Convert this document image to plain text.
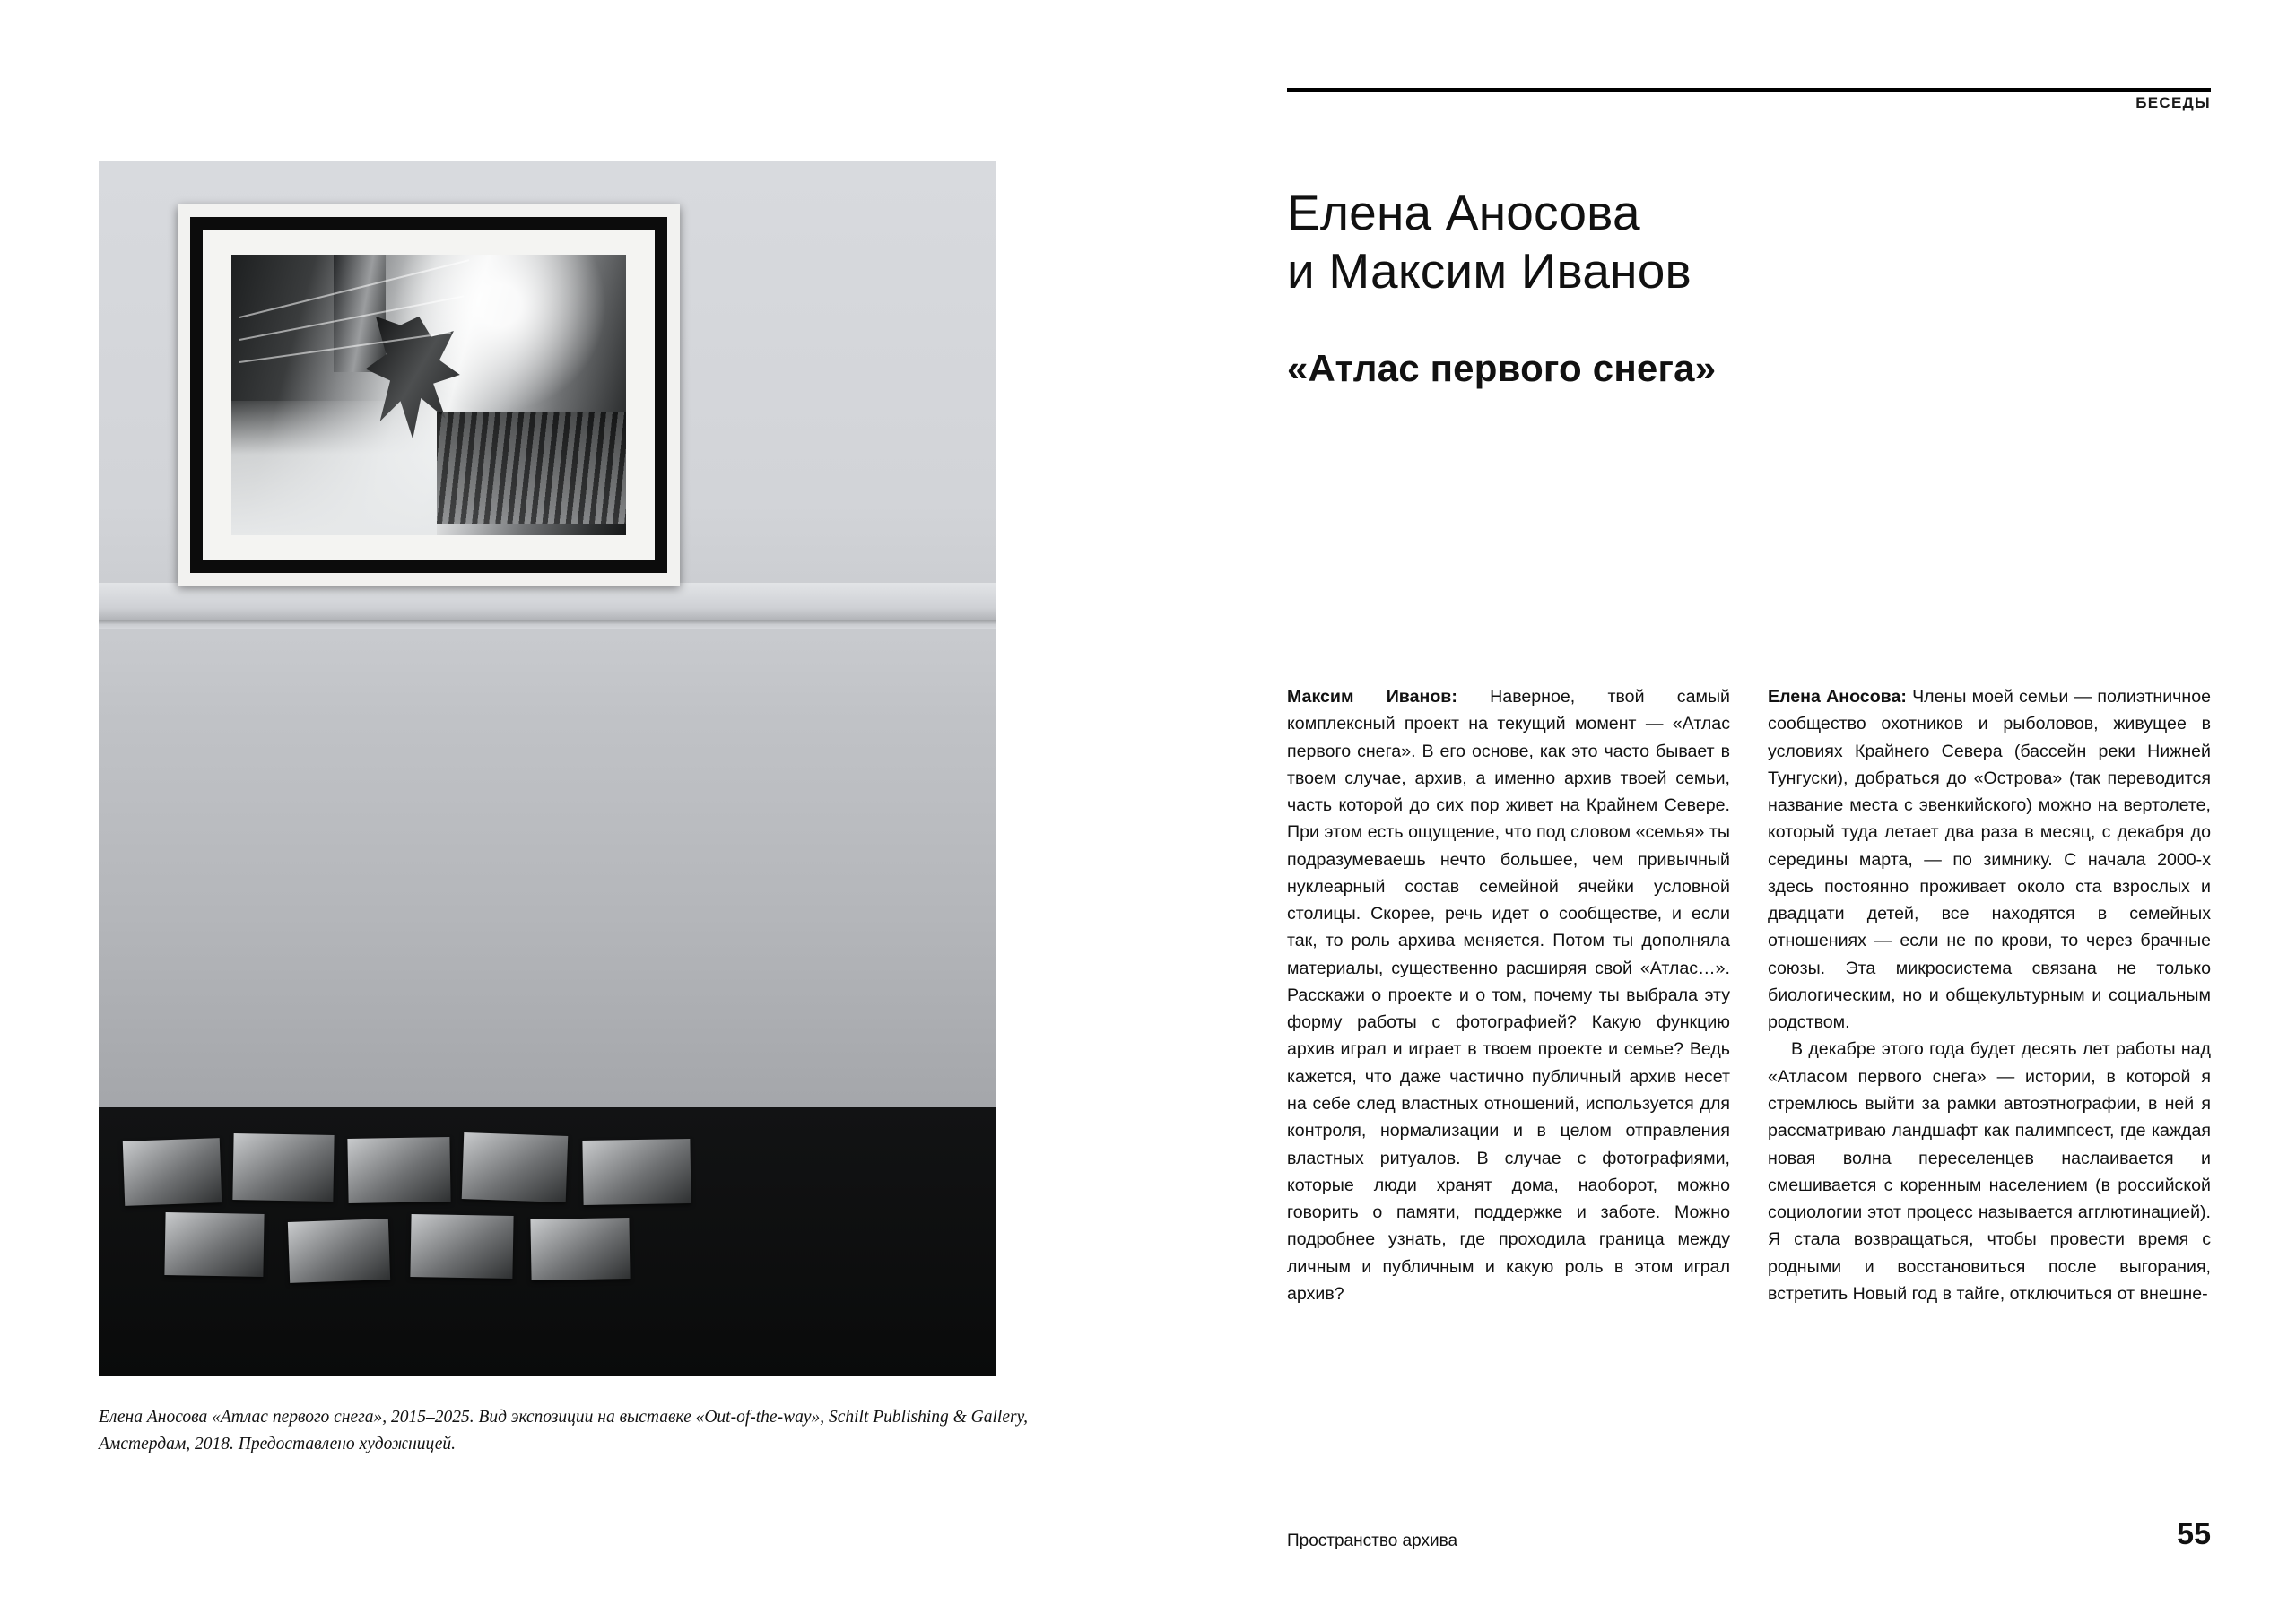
Елена Аносова «Атлас первого снега», 2015–2025. Вид экспозиции на выставке «Out-of-the-way», Schilt Publishing & Gallery, Амстердам, 2018. Предоставлено художницей.
БЕСЕДЫ
Елена Аносова
и Максим Иванов
«Атлас первого снега»

Максим Иванов: Наверное, твой самый комплексный проект на текущий момент — «Атлас первого снега». В его основе, как это часто бывает в твоем случае, архив, а именно архив твоей семьи, часть которой до сих пор живет на Крайнем Севере. При этом есть ощущение, что под словом «семья» ты подразумеваешь нечто большее, чем привычный нуклеарный состав семейной ячейки условной столицы. Скорее, речь идет о сообществе, и если так, то роль архива меняется. Потом ты дополняла материалы, существенно расширяя свой «Атлас…». Расскажи о проекте и о том, почему ты выбрала эту форму работы с фотографией? Какую функцию архив играл и играет в твоем проекте и семье? Ведь кажется, что даже частично публичный архив несет на себе след властных отношений, используется для контроля, нормализации и в целом отправления властных ритуалов. В случае с фотографиями, которые люди хранят дома, наоборот, можно говорить о памяти, поддержке и заботе. Можно подробнее узнать, где проходила граница между личным и публичным и какую роль в этом играл архив?

Елена Аносова: Члены моей семьи — полиэтничное сообщество охотников и рыболовов, живущее в условиях Крайнего Севера (бассейн реки Нижней Тунгуски), добраться до «Острова» (так переводится название места с эвенкийского) можно на вертолете, который туда летает два раза в месяц, с декабря до середины марта, — по зимнику. С начала 2000-х здесь постоянно проживает около ста взрослых и двадцати детей, все находятся в семейных отношениях — если не по крови, то через брачные союзы. Эта микросистема связана не только биологическим, но и общекультурным и социальным родством.

В декабре этого года будет десять лет работы над «Атласом первого снега» — истории, в которой я стремлюсь выйти за рамки автоэтнографии, в ней я рассматриваю ландшафт как палимпсест, где каждая новая волна переселенцев наслаивается и смешивается с коренным населением (в российской социологии этот процесс называется агглютинацией). Я стала возвращаться, чтобы провести время с родными и восстановиться после выгорания, встретить Новый год в тайге, отключиться от внешне-

Пространство архива	55
